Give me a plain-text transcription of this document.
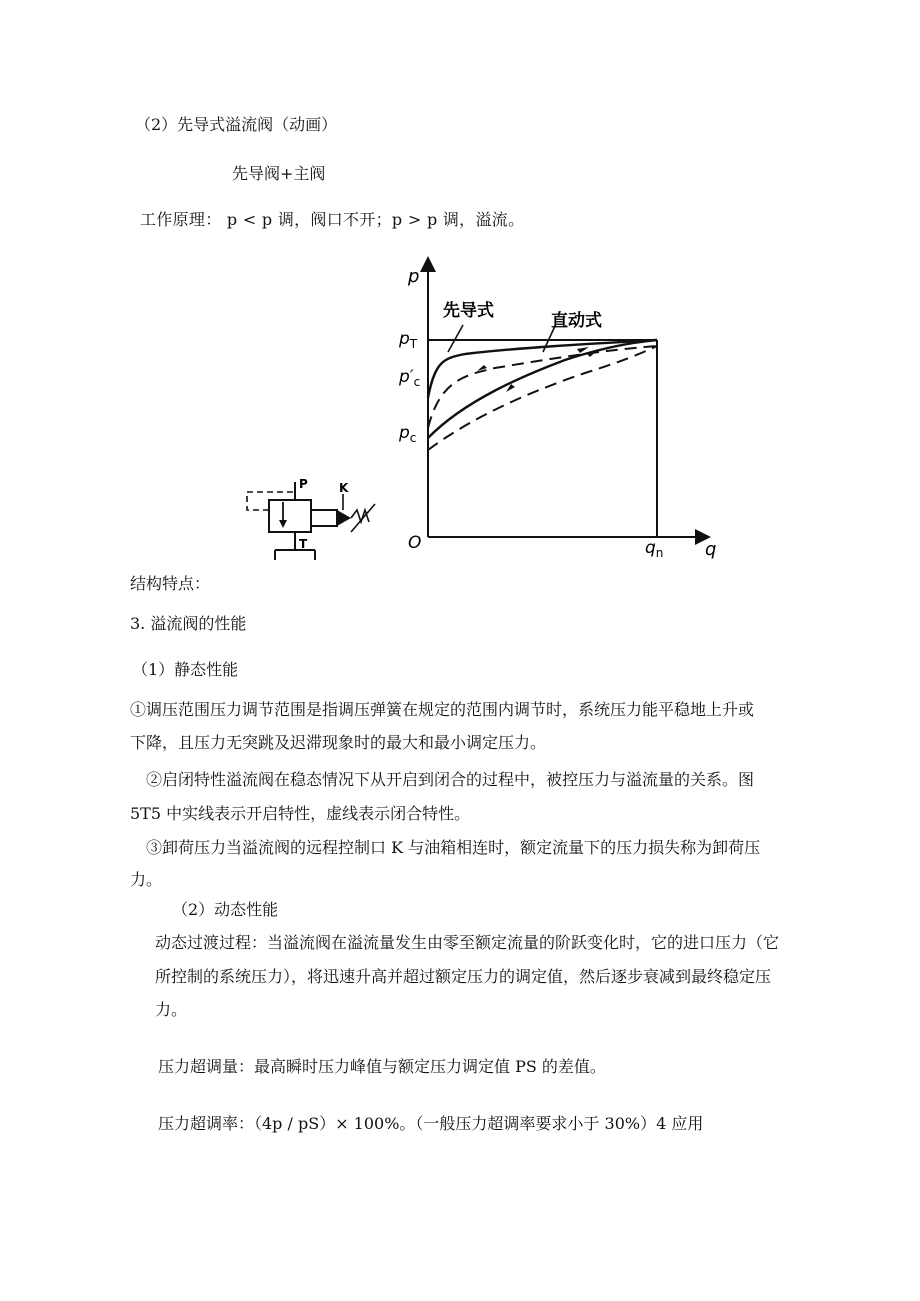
（2）先导式溢流阀（动画）
先导阀+主阀
工作原理： p < p 调，阀口不开；p > p 调，溢流。
先导式	直动式
p
q
O
$p_T$
$p'_c$
$p_c$
$q_n$
P	K
T
结构特点：
3. 溢流阀的性能
（1）静态性能
①调压范围压力调节范围是指调压弹簧在规定的范围内调节时，系统压力能平稳地上升或
下降，且压力无突跳及迟滞现象时的最大和最小调定压力。
②启闭特性溢流阀在稳态情况下从开启到闭合的过程中，被控压力与溢流量的关系。图
5T5 中实线表示开启特性，虚线表示闭合特性。
③卸荷压力当溢流阀的远程控制口 K 与油箱相连时，额定流量下的压力损失称为卸荷压
力。
（2）动态性能
动态过渡过程：当溢流阀在溢流量发生由零至额定流量的阶跃变化时，它的进口压力（它
所控制的系统压力），将迅速升高并超过额定压力的调定值，然后逐步衰减到最终稳定压
力。
压力超调量：最高瞬时压力峰值与额定压力调定值 PS 的差值。
压力超调率：（4p / pS）× 100%。（一般压力超调率要求小于 30%）4 应用
